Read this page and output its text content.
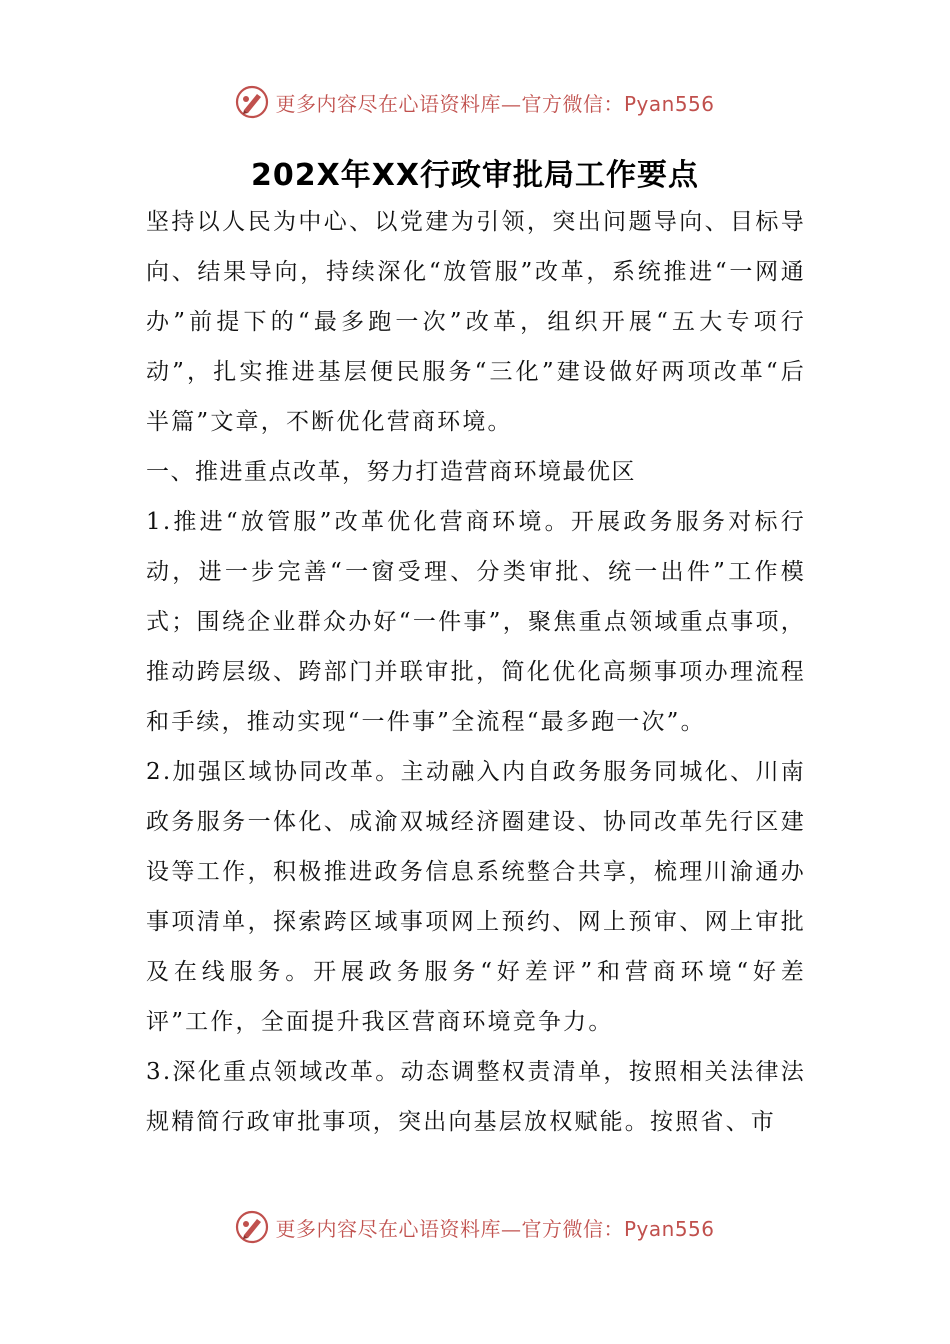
更多内容尽在心语资料库—官方微信：Pyan556
202X年XX行政审批局工作要点

坚持以人民为中心、以党建为引领，突出问题导向、目标导向、结果导向，持续深化“放管服”改革，系统推进“一网通办”前提下的“最多跑一次”改革，组织开展“五大专项行动”，扎实推进基层便民服务“三化”建设做好两项改革“后半篇”文章，不断优化营商环境。

一、推进重点改革，努力打造营商环境最优区

1.推进“放管服”改革优化营商环境。开展政务服务对标行动，进一步完善“一窗受理、分类审批、统一出件”工作模式；围绕企业群众办好“一件事”，聚焦重点领域重点事项，推动跨层级、跨部门并联审批，简化优化高频事项办理流程和手续，推动实现“一件事”全流程“最多跑一次”。

2.加强区域协同改革。主动融入内自政务服务同城化、川南政务服务一体化、成渝双城经济圈建设、协同改革先行区建设等工作，积极推进政务信息系统整合共享，梳理川渝通办事项清单，探索跨区域事项网上预约、网上预审、网上审批及在线服务。开展政务服务“好差评”和营商环境“好差评”工作，全面提升我区营商环境竞争力。

3.深化重点领域改革。动态调整权责清单，按照相关法律法规精简行政审批事项，突出向基层放权赋能。按照省、市

更多内容尽在心语资料库—官方微信：Pyan556
